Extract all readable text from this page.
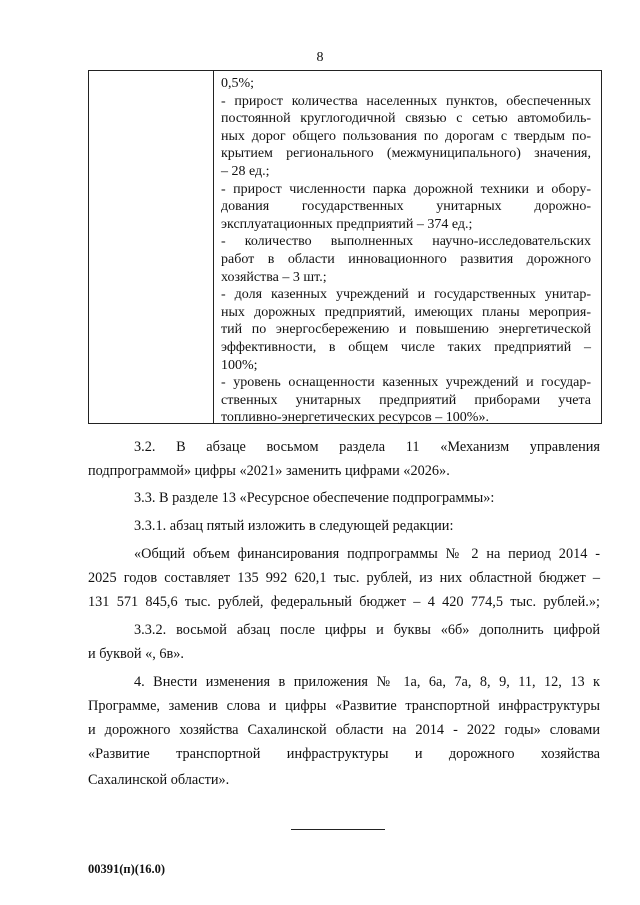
8
0,5%;
- прирост количества населенных пунктов, обеспеченных
постоянной круглогодичной связью с сетью автомобиль-
ных дорог общего пользования по дорогам с твердым по-
крытием регионального (межмуниципального) значения,
– 28 ед.;
- прирост численности парка дорожной техники и обору-
дования государственных унитарных дорожно-
эксплуатационных предприятий – 374 ед.;
- количество выполненных научно-исследовательских
работ в области инновационного развития дорожного
хозяйства – 3 шт.;
- доля казенных учреждений и государственных унитар-
ных дорожных предприятий, имеющих планы мероприя-
тий по энергосбережению и повышению энергетической
эффективности, в общем числе таких предприятий –
100%;
- уровень оснащенности казенных учреждений и государ-
ственных унитарных предприятий приборами учета
топливно-энергетических ресурсов – 100%».
3.2. В абзаце восьмом раздела 11 «Механизм управления
подпрограммой» цифры «2021» заменить цифрами «2026».
3.3. В разделе 13 «Ресурсное обеспечение подпрограммы»:
3.3.1. абзац пятый изложить в следующей редакции:
«Общий объем финансирования подпрограммы № 2 на период 2014 -
2025 годов составляет 135 992 620,1 тыс. рублей, из них областной бюджет –
131 571 845,6 тыс. рублей, федеральный бюджет – 4 420 774,5 тыс. рублей.»;
3.3.2. восьмой абзац после цифры и буквы «6б» дополнить цифрой
и буквой «, 6в».
4. Внести изменения в приложения № 1а, 6а, 7а, 8, 9, 11, 12, 13 к
Программе, заменив слова и цифры «Развитие транспортной инфраструктуры
и дорожного хозяйства Сахалинской области на 2014 - 2022 годы» словами
«Развитие транспортной инфраструктуры и дорожного хозяйства
Сахалинской области».
00391(п)(16.0)
